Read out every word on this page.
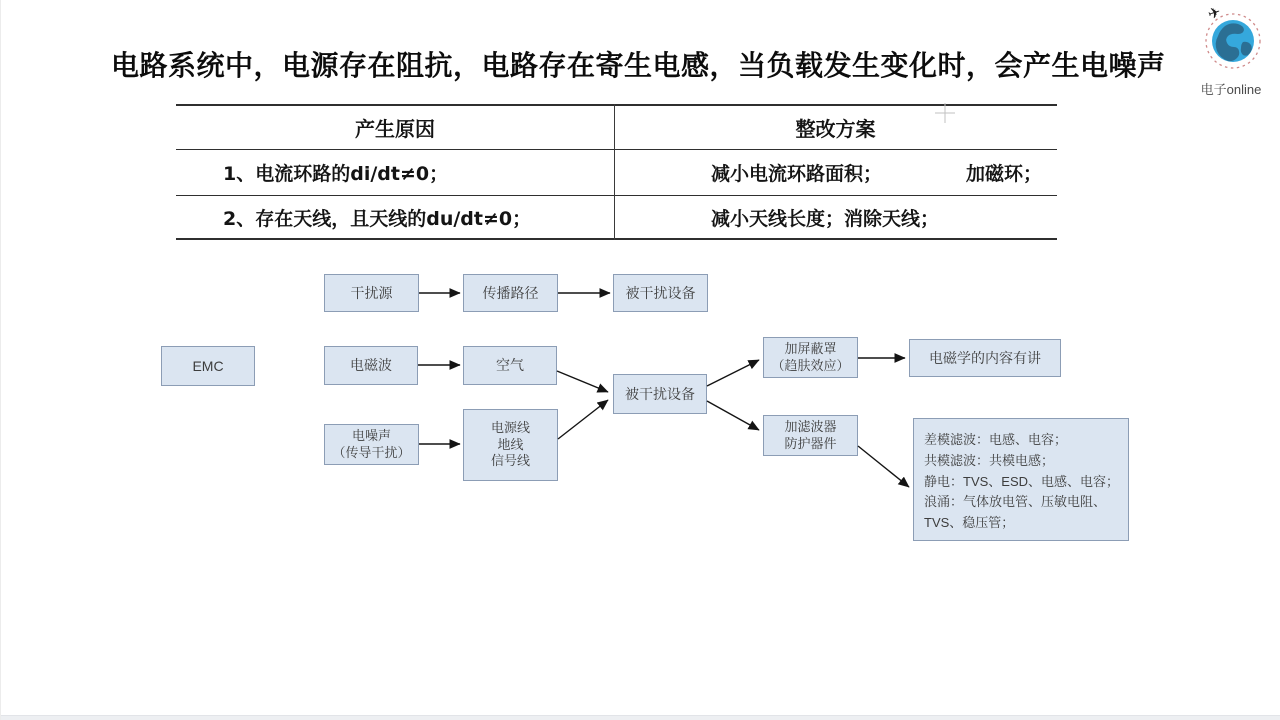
电路系统中，电源存在阻抗，电路存在寄生电感，当负载发生变化时，会产生电噪声
✈
电子online
产生原因	整改方案
1、电流环路的di/dt≠0；	减小电流环路面积；	加磁环；
2、存在天线，且天线的du/dt≠0；	减小天线长度；消除天线；
EMC
干扰源	传播路径	被干扰设备
电磁波	空气
被干扰设备
电噪声
（传导干扰）
电源线
地线
信号线
加屏蔽罩
（趋肤效应）	电磁学的内容有讲
加滤波器
防护器件	差模滤波：电感、电容；
共模滤波：共模电感；
静电：TVS、ESD、电感、电容；
浪涌：气体放电管、压敏电阻、TVS、稳压管；
